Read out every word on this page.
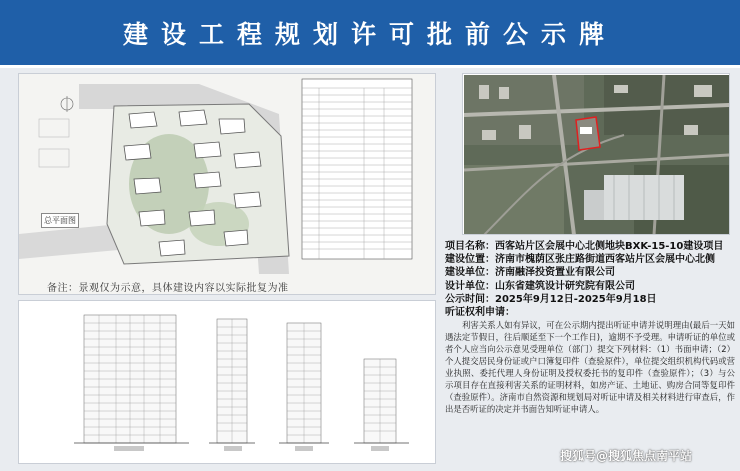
建设工程规划许可批前公示牌
总平面图
备注：景观仅为示意，具体建设内容以实际批复为准
项目名称：西客站片区会展中心北侧地块BXK-15-10建设项目
建设位置：济南市槐荫区张庄路街道西客站片区会展中心北侧
建设单位：济南融泽投资置业有限公司
设计单位：山东省建筑设计研究院有限公司
公示时间：2025年9月12日-2025年9月18日
听证权利申请：
利害关系人如有异议，可在公示期内提出听证申请并说明理由(最后一天如遇法定节假日，往后顺延至下一个工作日)，逾期不予受理。申请听证的单位或者个人应当向公示意见受理单位（部门）提交下列材料：（1）书面申请；（2）个人提交居民身份证或户口簿复印件（查验原件），单位提交组织机构代码或营业执照、委托代理人身份证明及授权委托书的复印件（查验原件）；（3）与公示项目存在直接利害关系的证明材料，如房产证、土地证、购房合同等复印件（查验原件）。济南市自然资源和规划局对听证申请及相关材料进行审查后，作出是否听证的决定并书面告知听证申请人。
搜狐号@搜狐焦点南平站
